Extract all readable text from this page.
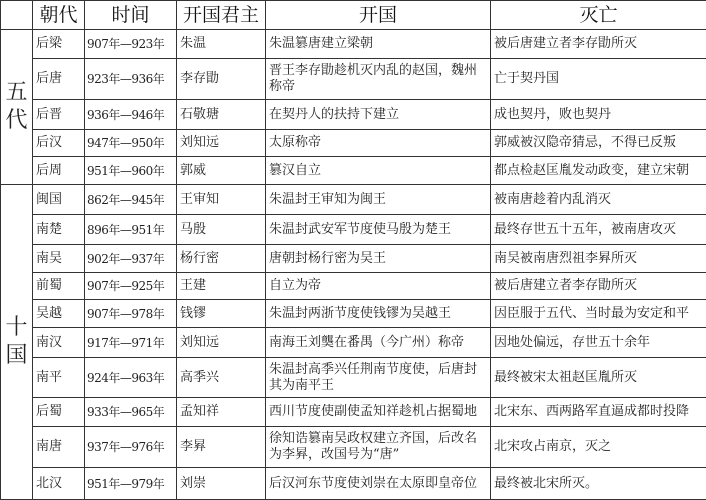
	朝代	时间	开国君主	开国	灭亡

五
代	后梁	907年—923年	朱温	朱温篡唐建立梁朝	被后唐建立者李存勖所灭
	后唐	923年—936年	李存勖	晋王李存勖趁机灭内乱的赵国，魏州称帝	亡于契丹国
	后晋	936年—946年	石敬瑭	在契丹人的扶持下建立	成也契丹，败也契丹
	后汉	947年—950年	刘知远	太原称帝	郭威被汉隐帝猜忌，不得已反叛
	后周	951年—960年	郭威	篡汉自立	都点检赵匡胤发动政变，建立宋朝

十
国	闽国	862年—945年	王审知	朱温封王审知为闽王	被南唐趁着内乱消灭
	南楚	896年—951年	马殷	朱温封武安军节度使马殷为楚王	最终存世五十五年，被南唐攻灭
	南吴	902年—937年	杨行密	唐朝封杨行密为吴王	南吴被南唐烈祖李昪所灭
	前蜀	907年—925年	王建	自立为帝	被后唐建立者李存勖所灭
	吴越	907年—978年	钱镠	朱温封两浙节度使钱镠为吴越王	因臣服于五代、当时最为安定和平
	南汉	917年—971年	刘知远	南海王刘龑在番禺（今广州）称帝	因地处偏远，存世五十余年
	南平	924年—963年	高季兴	朱温封高季兴任荆南节度使，后唐封其为南平王	最终被宋太祖赵匡胤所灭
	后蜀	933年—965年	孟知祥	西川节度使副使孟知祥趁机占据蜀地	北宋东、西两路军直逼成都时投降
	南唐	937年—976年	李昪	徐知诰篡南吴政权建立齐国，后改名为李昪，改国号为“唐”	北宋攻占南京，灭之
	北汉	951年—979年	刘崇	后汉河东节度使刘崇在太原即皇帝位	最终被北宋所灭。
